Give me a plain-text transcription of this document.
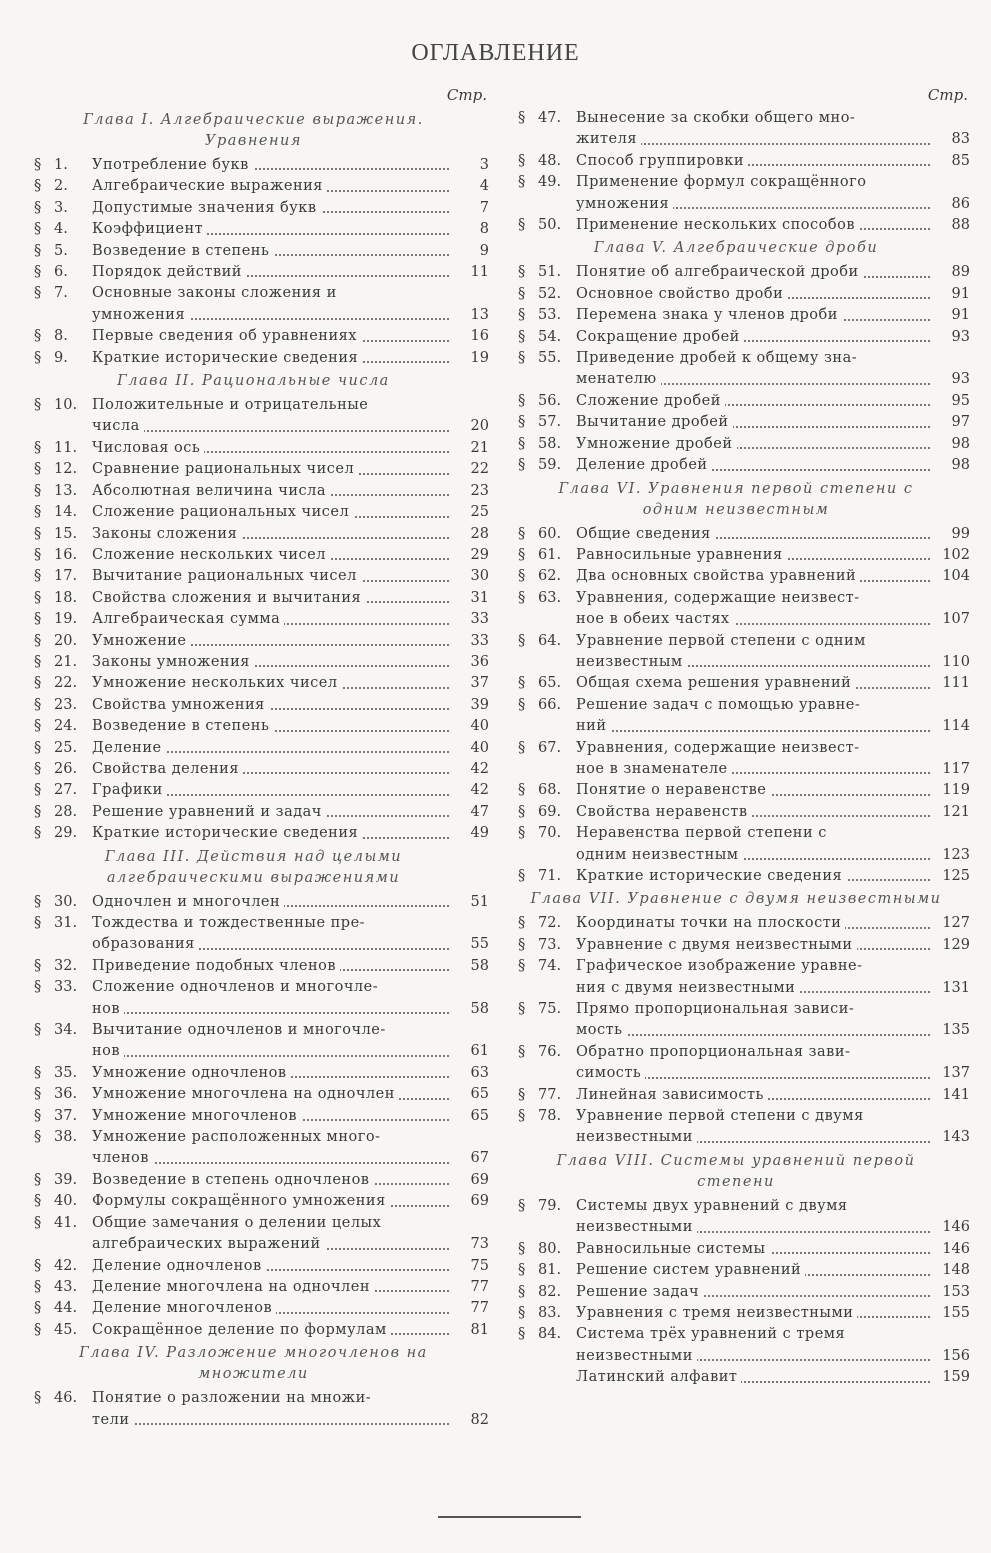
ОГЛАВЛЕНИЕ
Стр.
Глава I. Алгебраические выражения. Уравнения
§ 1.	Употребление букв	3
§ 2.	Алгебраические выражения	4
§ 3.	Допустимые значения букв	7
§ 4.	Коэффициент	8
§ 5.	Возведение в степень	9
§ 6.	Порядок действий	11
§ 7.	Основные законы сложения и
умножения	13
§ 8.	Первые сведения об уравнениях	16
§ 9.	Краткие исторические сведения	19
Глава II. Рациональные числа
§ 10.	Положительные и отрицательные
числа	20
§ 11.	Числовая ось	21
§ 12.	Сравнение рациональных чисел	22
§ 13.	Абсолютная величина числа	23
§ 14.	Сложение рациональных чисел	25
§ 15.	Законы сложения	28
§ 16.	Сложение нескольких чисел	29
§ 17.	Вычитание рациональных чисел	30
§ 18.	Свойства сложения и вычитания	31
§ 19.	Алгебраическая сумма	33
§ 20.	Умножение	33
§ 21.	Законы умножения	36
§ 22.	Умножение нескольких чисел	37
§ 23.	Свойства умножения	39
§ 24.	Возведение в степень	40
§ 25.	Деление	40
§ 26.	Свойства деления	42
§ 27.	Графики	42
§ 28.	Решение уравнений и задач	47
§ 29.	Краткие исторические сведения	49
Глава III. Действия над целыми алгебраическими выражениями
§ 30.	Одночлен и многочлен	51
§ 31.	Тождества и тождественные пре-
образования	55
§ 32.	Приведение подобных членов	58
§ 33.	Сложение одночленов и многочле-
нов	58
§ 34.	Вычитание одночленов и многочле-
нов	61
§ 35.	Умножение одночленов	63
§ 36.	Умножение многочлена на одночлен	65
§ 37.	Умножение многочленов	65
§ 38.	Умножение расположенных много-
членов	67
§ 39.	Возведение в степень одночленов	69
§ 40.	Формулы сокращённого умножения	69
§ 41.	Общие замечания о делении целых
алгебраических выражений	73
§ 42.	Деление одночленов	75
§ 43.	Деление многочлена на одночлен	77
§ 44.	Деление многочленов	77
§ 45.	Сокращённое деление по формулам	81
Глава IV. Разложение многочленов на множители
§ 46.	Понятие о разложении на множи-
тели	82
Стр.
§ 47.	Вынесение за скобки общего мно-
жителя	83
§ 48.	Способ группировки	85
§ 49.	Применение формул сокращённого
умножения	86
§ 50.	Применение нескольких способов	88
Глава V. Алгебраические дроби
§ 51.	Понятие об алгебраической дроби	89
§ 52.	Основное свойство дроби	91
§ 53.	Перемена знака у членов дроби	91
§ 54.	Сокращение дробей	93
§ 55.	Приведение дробей к общему зна-
менателю	93
§ 56.	Сложение дробей	95
§ 57.	Вычитание дробей	97
§ 58.	Умножение дробей	98
§ 59.	Деление дробей	98
Глава VI. Уравнения первой степени с одним неизвестным
§ 60.	Общие сведения	99
§ 61.	Равносильные уравнения	102
§ 62.	Два основных свойства уравнений	104
§ 63.	Уравнения, содержащие неизвест-
ное в обеих частях	107
§ 64.	Уравнение первой степени с одним
неизвестным	110
§ 65.	Общая схема решения уравнений	111
§ 66.	Решение задач с помощью уравне-
ний	114
§ 67.	Уравнения, содержащие неизвест-
ное в знаменателе	117
§ 68.	Понятие о неравенстве	119
§ 69.	Свойства неравенств	121
§ 70.	Неравенства первой степени с
одним неизвестным	123
§ 71.	Краткие исторические сведения	125
Глава VII. Уравнение с двумя неизвестными
§ 72.	Координаты точки на плоскости	127
§ 73.	Уравнение с двумя неизвестными	129
§ 74.	Графическое изображение уравне-
ния с двумя неизвестными	131
§ 75.	Прямо пропорциональная зависи-
мость	135
§ 76.	Обратно пропорциональная зави-
симость	137
§ 77.	Линейная зависимость	141
§ 78.	Уравнение первой степени с двумя
неизвестными	143
Глава VIII. Системы уравнений первой степени
§ 79.	Системы двух уравнений с двумя
неизвестными	146
§ 80.	Равносильные системы	146
§ 81.	Решение систем уравнений	148
§ 82.	Решение задач	153
§ 83.	Уравнения с тремя неизвестными	155
§ 84.	Система трёх уравнений с тремя
неизвестными	156
Латинский алфавит	159
